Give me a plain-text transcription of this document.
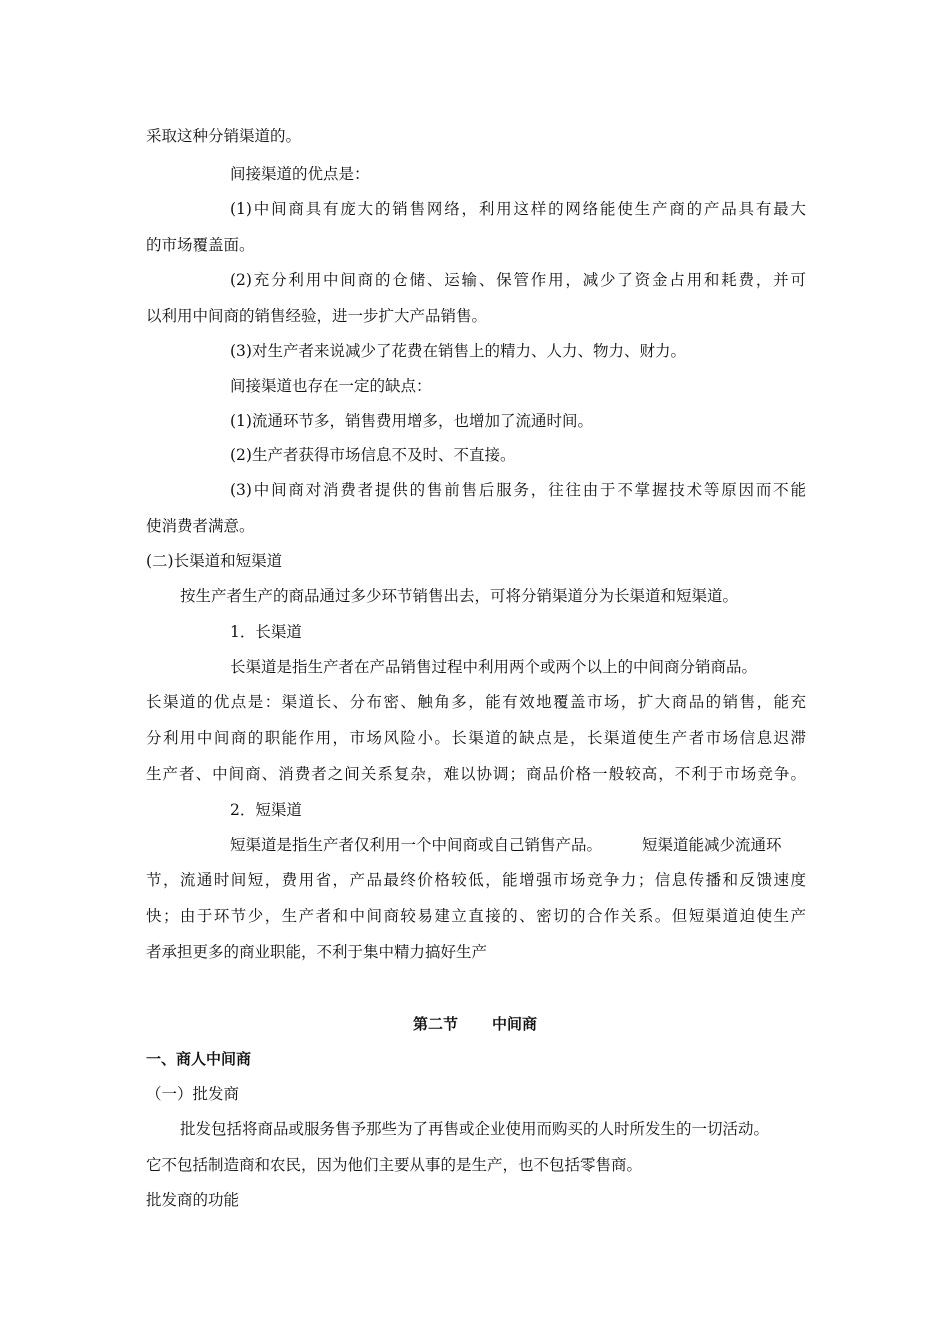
采取这种分销渠道的。

间接渠道的优点是：

(1)中间商具有庞大的销售网络，利用这样的网络能使生产商的产品具有最大

的市场覆盖面。

(2)充分利用中间商的仓储、运输、保管作用，减少了资金占用和耗费，并可

以利用中间商的销售经验，进一步扩大产品销售。

(3)对生产者来说减少了花费在销售上的精力、人力、物力、财力。

间接渠道也存在一定的缺点：

(1)流通环节多，销售费用增多，也增加了流通时间。

(2)生产者获得市场信息不及时、不直接。

(3)中间商对消费者提供的售前售后服务，往往由于不掌握技术等原因而不能

使消费者满意。

(二)长渠道和短渠道

按生产者生产的商品通过多少环节销售出去，可将分销渠道分为长渠道和短渠道。

1．长渠道

长渠道是指生产者在产品销售过程中利用两个或两个以上的中间商分销商品。

长渠道的优点是：渠道长、分布密、触角多，能有效地覆盖市场，扩大商品的销售，能充

分利用中间商的职能作用，市场风险小。长渠道的缺点是，长渠道使生产者市场信息迟滞

生产者、中间商、消费者之间关系复杂，难以协调；商品价格一般较高，不利于市场竞争。

2．短渠道

短渠道是指生产者仅利用一个中间商或自己销售产品。	短渠道能减少流通环

节，流通时间短，费用省，产品最终价格较低，能增强市场竞争力；信息传播和反馈速度

快；由于环节少，生产者和中间商较易建立直接的、密切的合作关系。但短渠道迫使生产

者承担更多的商业职能，不利于集中精力搞好生产

第二节 中间商

一、商人中间商

（一）批发商

批发包括将商品或服务售予那些为了再售或企业使用而购买的人时所发生的一切活动。

它不包括制造商和农民，因为他们主要从事的是生产，也不包括零售商。

批发商的功能
